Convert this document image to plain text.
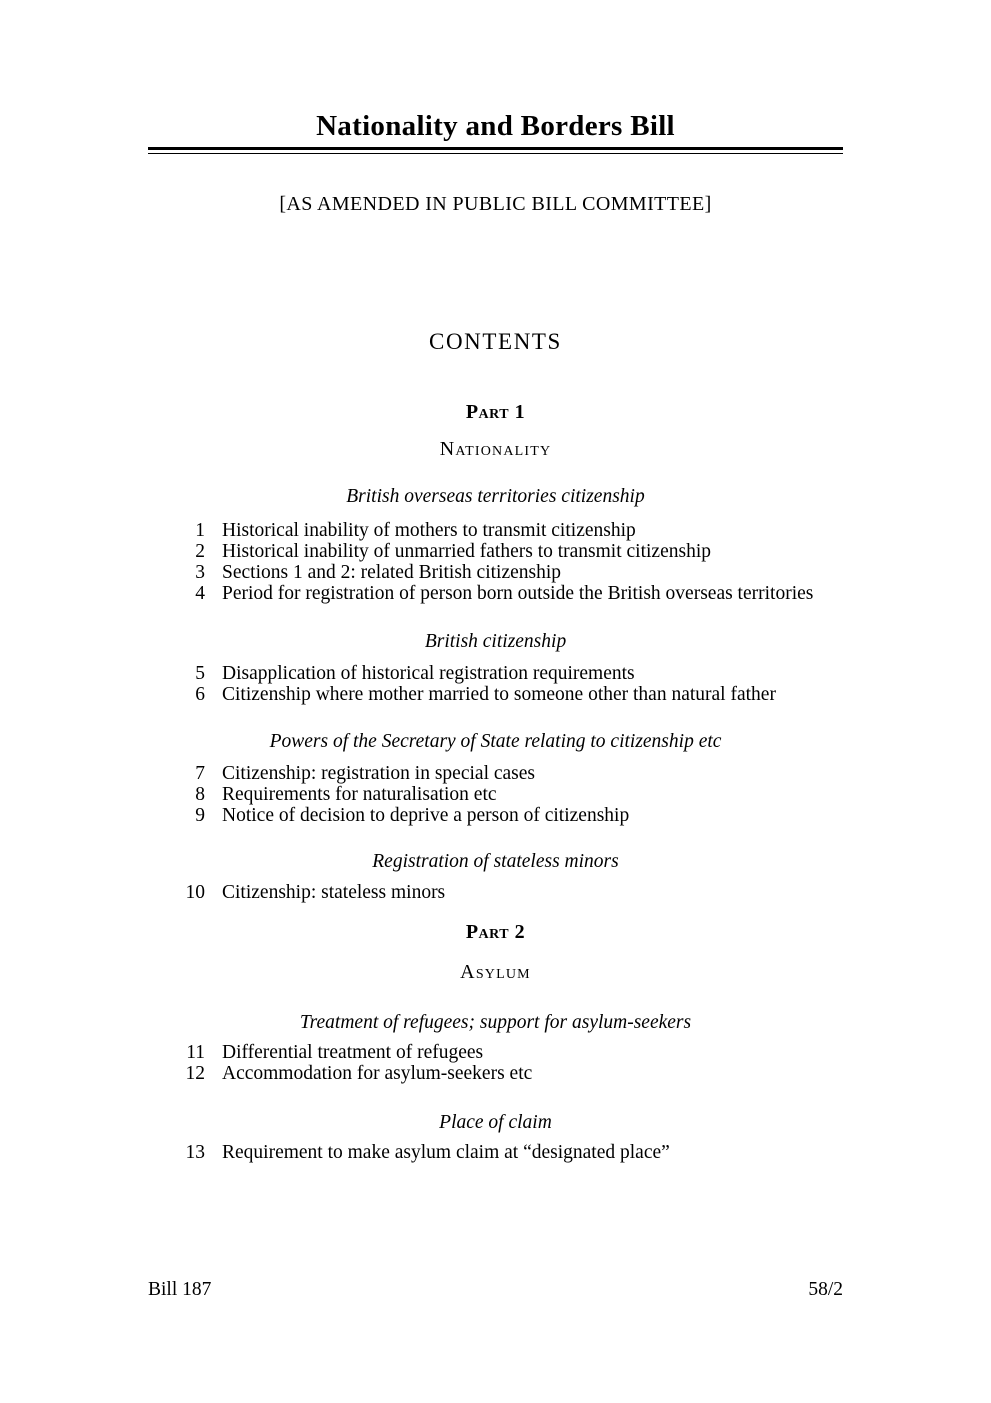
Nationality and Borders Bill
[AS AMENDED IN PUBLIC BILL COMMITTEE]
CONTENTS
Part 1
Nationality
British overseas territories citizenship
1 Historical inability of mothers to transmit citizenship
2 Historical inability of unmarried fathers to transmit citizenship
3 Sections 1 and 2: related British citizenship
4 Period for registration of person born outside the British overseas territories
British citizenship
5 Disapplication of historical registration requirements
6 Citizenship where mother married to someone other than natural father
Powers of the Secretary of State relating to citizenship etc
7 Citizenship: registration in special cases
8 Requirements for naturalisation etc
9 Notice of decision to deprive a person of citizenship
Registration of stateless minors
10 Citizenship: stateless minors
Part 2
Asylum
Treatment of refugees; support for asylum-seekers
11 Differential treatment of refugees
12 Accommodation for asylum-seekers etc
Place of claim
13 Requirement to make asylum claim at “designated place”
Bill 187	58/2
